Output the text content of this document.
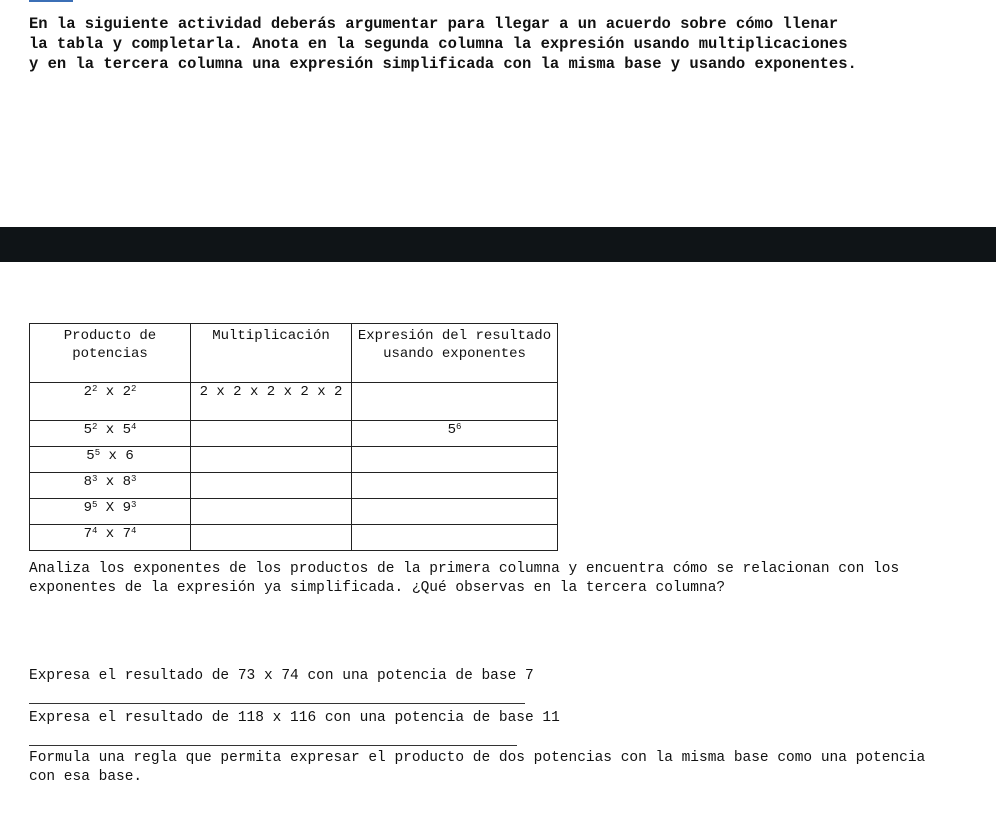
En la siguiente actividad deberás argumentar para llegar a un acuerdo sobre cómo llenar
la tabla y completarla. Anota en la segunda columna la expresión usando multiplicaciones
y en la tercera columna una expresión simplificada con la misma base y usando exponentes.

Producto de potencias	Multiplicación	Expresión del resultado usando exponentes
$2^2$ x $2^2$	2 x 2 x 2 x 2 x 2	
$5^2$ x $5^4$		$5^6$
$5^5$ x 6		
$8^3$ x $8^3$		
$9^5$ X $9^3$		
$7^4$ x $7^4$		

Analiza los exponentes de los productos de la primera columna y encuentra cómo se relacionan con los exponentes de la expresión ya simplificada. ¿Qué observas en la tercera columna?

Expresa el resultado de 73 x 74 con una potencia de base 7

Expresa el resultado de 118 x 116 con una potencia de base 11

Formula una regla que permita expresar el producto de dos potencias con la misma base como una potencia con esa base.
